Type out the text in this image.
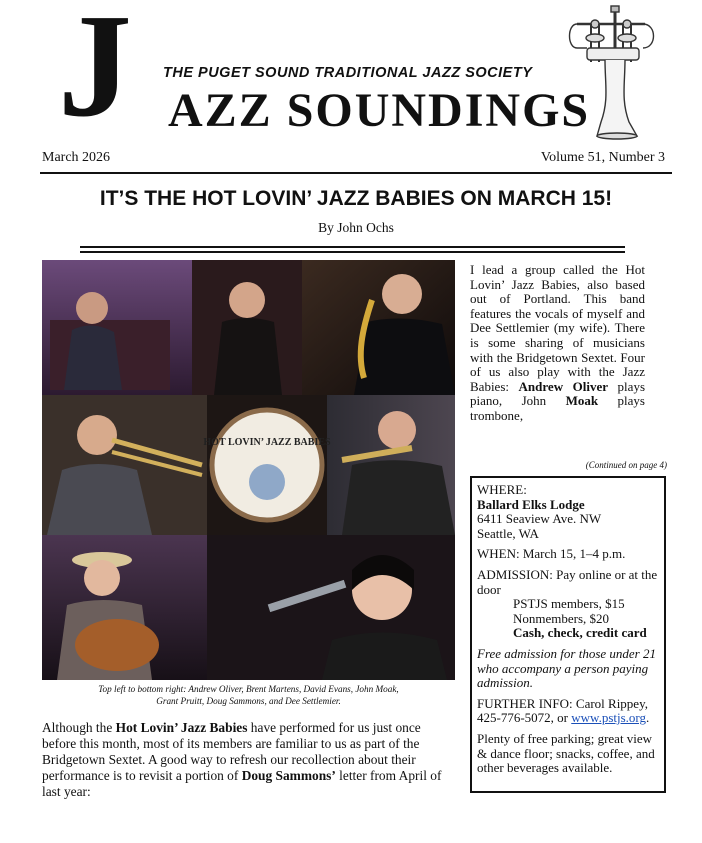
J THE PUGET SOUND TRADITIONAL JAZZ SOCIETY
AZZ SOUNDINGS
March 2026	Volume 51, Number 3
IT’S THE HOT LOVIN’ JAZZ BABIES ON MARCH 15!
By John Ochs
HOT LOVIN’ JAZZ BABIES
Top left to bottom right: Andrew Oliver, Brent Martens, David Evans, John Moak,
Grant Pruitt, Doug Sammons, and Dee Settlemier.
I lead a group called the Hot Lovin’ Jazz Babies, also based out of Portland. This band features the vocals of myself and Dee Settlemier (my wife). There is some sharing of musicians with the Bridgetown Sextet. Four of us also play with the Jazz Babies: Andrew Oliver plays piano, John Moak plays trombone,
(Continued on page 4)

WHERE:
Ballard Elks Lodge
6411 Seaview Ave. NW
Seattle, WA

WHEN: March 15, 1–4 p.m.

ADMISSION: Pay online or at the door

PSTJS members, $15
Nonmembers, $20

Cash, check, credit card

Free admission for those under 21 who accompany a person paying admission.

FURTHER INFO: Carol Rippey, 425-776-5072, or www.pstjs.org.

Plenty of free parking; great view & dance floor; snacks, coffee, and other beverages available.

Although the Hot Lovin’ Jazz Babies have performed for us just once before this month, most of its members are familiar to us as part of the Bridgetown Sextet. A good way to refresh our recollection about their performance is to revisit a portion of Doug Sammons’ letter from April of last year:
